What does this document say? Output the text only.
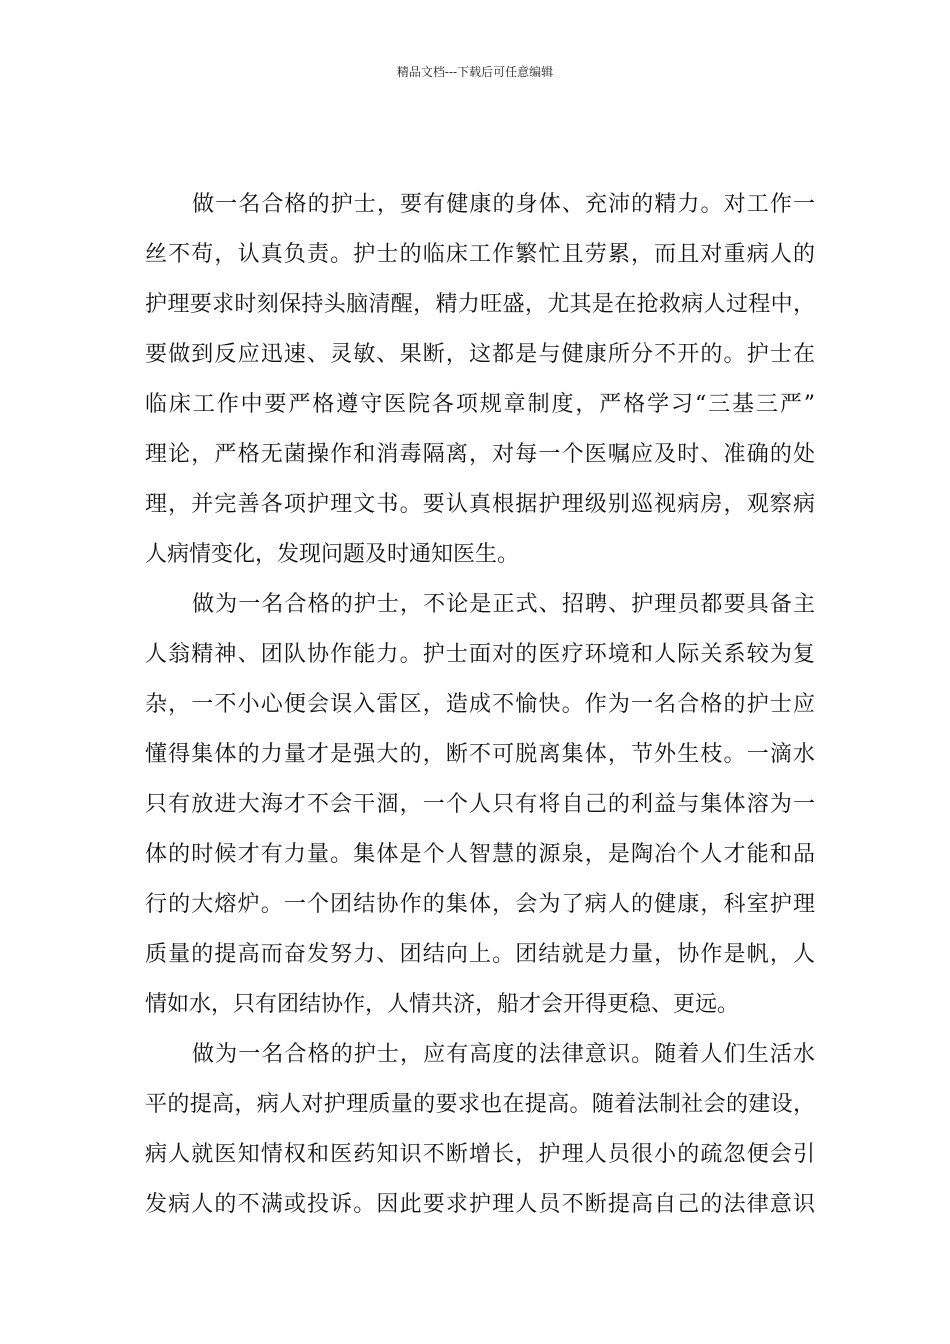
精品文档---下载后可任意编辑
做一名合格的护士，要有健康的身体、充沛的精力。对工作一
丝不苟，认真负责。护士的临床工作繁忙且劳累，而且对重病人的
护理要求时刻保持头脑清醒，精力旺盛，尤其是在抢救病人过程中，
要做到反应迅速、灵敏、果断，这都是与健康所分不开的。护士在
临床工作中要严格遵守医院各项规章制度，严格学习“三基三严”
理论，严格无菌操作和消毒隔离，对每一个医嘱应及时、准确的处
理，并完善各项护理文书。要认真根据护理级别巡视病房，观察病
人病情变化，发现问题及时通知医生。
做为一名合格的护士，不论是正式、招聘、护理员都要具备主
人翁精神、团队协作能力。护士面对的医疗环境和人际关系较为复
杂，一不小心便会误入雷区，造成不愉快。作为一名合格的护士应
懂得集体的力量才是强大的，断不可脱离集体，节外生枝。一滴水
只有放进大海才不会干涸，一个人只有将自己的利益与集体溶为一
体的时候才有力量。集体是个人智慧的源泉，是陶冶个人才能和品
行的大熔炉。一个团结协作的集体，会为了病人的健康，科室护理
质量的提高而奋发努力、团结向上。团结就是力量，协作是帆，人
情如水，只有团结协作，人情共济，船才会开得更稳、更远。
做为一名合格的护士，应有高度的法律意识。随着人们生活水
平的提高，病人对护理质量的要求也在提高。随着法制社会的建设，
病人就医知情权和医药知识不断增长，护理人员很小的疏忽便会引
发病人的不满或投诉。因此要求护理人员不断提高自己的法律意识
